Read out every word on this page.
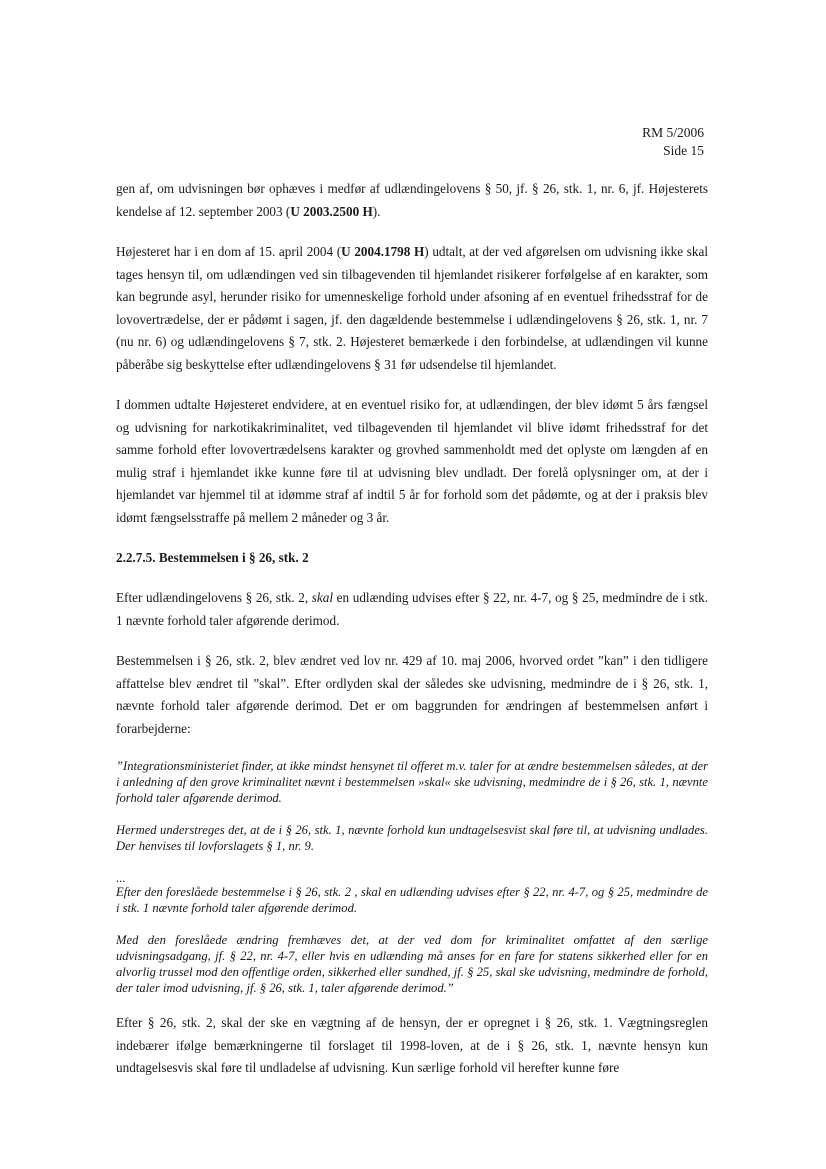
RM 5/2006
Side 15

gen af, om udvisningen bør ophæves i medfør af udlændingelovens § 50, jf. § 26, stk. 1, nr. 6, jf. Højesterets kendelse af 12. september 2003 (U 2003.2500 H).

Højesteret har i en dom af 15. april 2004 (U 2004.1798 H) udtalt, at der ved afgørelsen om udvisning ikke skal tages hensyn til, om udlændingen ved sin tilbagevenden til hjemlandet risikerer forfølgelse af en karakter, som kan begrunde asyl, herunder risiko for umenneskelige forhold under afsoning af en eventuel frihedsstraf for de lovovertrædelse, der er pådømt i sagen, jf. den dagældende bestemmelse i udlændingelovens § 26, stk. 1, nr. 7 (nu nr. 6) og udlændingelovens § 7, stk. 2. Højesteret bemærkede i den forbindelse, at udlændingen vil kunne påberåbe sig beskyttelse efter udlændingelovens § 31 før udsendelse til hjemlandet.

I dommen udtalte Højesteret endvidere, at en eventuel risiko for, at udlændingen, der blev idømt 5 års fængsel og udvisning for narkotikakriminalitet, ved tilbagevenden til hjemlandet vil blive idømt frihedsstraf for det samme forhold efter lovovertrædelsens karakter og grovhed sammenholdt med det oplyste om længden af en mulig straf i hjemlandet ikke kunne føre til at udvisning blev undladt. Der forelå oplysninger om, at der i hjemlandet var hjemmel til at idømme straf af indtil 5 år for forhold som det pådømte, og at der i praksis blev idømt fængselsstraffe på mellem 2 måneder og 3 år.

2.2.7.5. Bestemmelsen i § 26, stk. 2

Efter udlændingelovens § 26, stk. 2, skal en udlænding udvises efter § 22, nr. 4-7, og § 25, medmindre de i stk. 1 nævnte forhold taler afgørende derimod.

Bestemmelsen i § 26, stk. 2, blev ændret ved lov nr. 429 af 10. maj 2006, hvorved ordet ”kan” i den tidligere affattelse blev ændret til ”skal”. Efter ordlyden skal der således ske udvisning, medmindre de i § 26, stk. 1, nævnte forhold taler afgørende derimod. Det er om baggrunden for ændringen af bestemmelsen anført i forarbejderne:

”Integrationsministeriet finder, at ikke mindst hensynet til offeret m.v. taler for at ændre bestemmelsen således, at der i anledning af den grove kriminalitet nævnt i bestemmelsen »skal« ske udvisning, medmindre de i § 26, stk. 1, nævnte forhold taler afgørende derimod.
Hermed understreges det, at de i § 26, stk. 1, nævnte forhold kun undtagelsesvist skal føre til, at udvisning undlades. Der henvises til lovforslagets § 1, nr. 9.
...
Efter den foreslåede bestemmelse i § 26, stk. 2 , skal en udlænding udvises efter § 22, nr. 4-7, og § 25, medmindre de i stk. 1 nævnte forhold taler afgørende derimod.
Med den foreslåede ændring fremhæves det, at der ved dom for kriminalitet omfattet af den særlige udvisningsadgang, jf. § 22, nr. 4-7, eller hvis en udlænding må anses for en fare for statens sikkerhed eller for en alvorlig trussel mod den offentlige orden, sikkerhed eller sundhed, jf. § 25, skal ske udvisning, medmindre de forhold, der taler imod udvisning, jf. § 26, stk. 1, taler afgørende derimod.”

Efter § 26, stk. 2, skal der ske en vægtning af de hensyn, der er opregnet i § 26, stk. 1. Vægtningsreglen indebærer ifølge bemærkningerne til forslaget til 1998-loven, at de i § 26, stk. 1, nævnte hensyn kun undtagelsesvis skal føre til undladelse af udvisning. Kun særlige forhold vil herefter kunne føre
